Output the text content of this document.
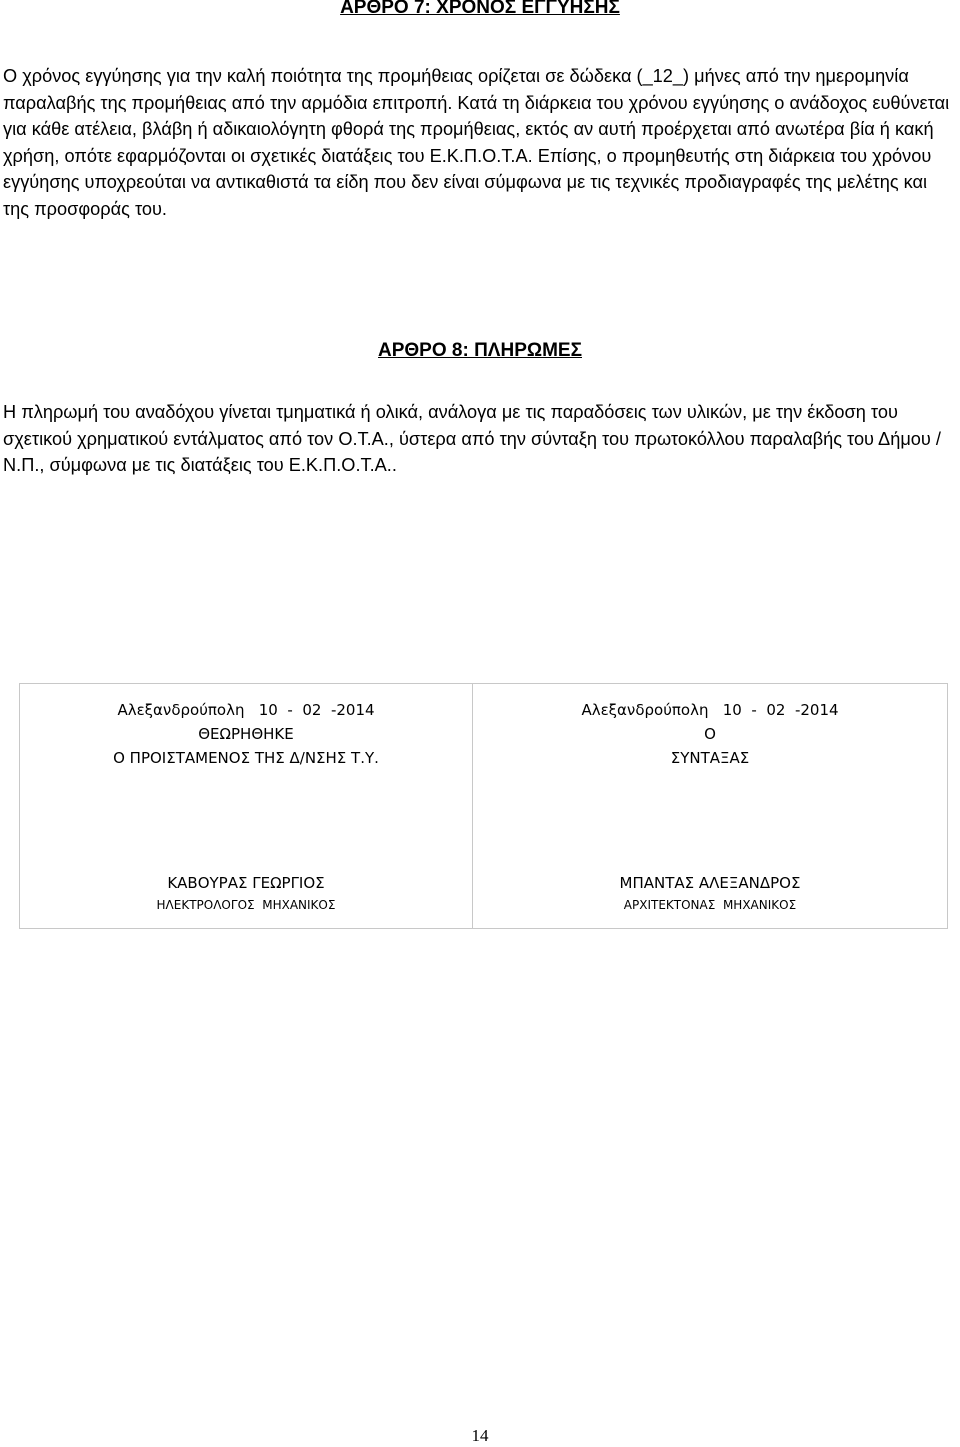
ΑΡΘΡΟ 7: ΧΡΟΝΟΣ ΕΓΓΥΗΣΗΣ

Ο χρόνος εγγύησης για την καλή ποιότητα της προμήθειας ορίζεται σε δώδεκα (_12_) μήνες από την ημερομηνία παραλαβής της προμήθειας από την αρμόδια επιτροπή. Κατά τη διάρκεια του χρόνου εγγύησης ο ανάδοχος ευθύνεται για κάθε ατέλεια, βλάβη ή αδικαιολόγητη φθορά της προμήθειας, εκτός αν αυτή προέρχεται από ανωτέρα βία ή κακή χρήση, οπότε εφαρμόζονται οι σχετικές διατάξεις του Ε.Κ.Π.Ο.Τ.Α. Επίσης, ο προμηθευτής στη διάρκεια του χρόνου εγγύησης υποχρεούται να αντικαθιστά τα είδη που δεν είναι σύμφωνα με τις τεχνικές προδιαγραφές της μελέτης και της προσφοράς του.

ΑΡΘΡΟ 8: ΠΛΗΡΩΜΕΣ

Η πληρωμή του αναδόχου γίνεται τμηματικά ή ολικά, ανάλογα με τις παραδόσεις των υλικών, με την έκδοση του σχετικού χρηματικού εντάλματος από τον Ο.Τ.Α., ύστερα από την σύνταξη του πρωτοκόλλου παραλαβής του Δήμου / Ν.Π., σύμφωνα με τις διατάξεις του Ε.Κ.Π.Ο.Τ.Α..

Αλεξανδρούπολη   10  -  02  -2014
ΘΕΩΡΗΘΗΚΕ
Ο ΠΡΟΙΣΤΑΜΕΝΟΣ ΤΗΣ Δ/ΝΣΗΣ Τ.Υ.
ΚΑΒΟΥΡΑΣ ΓΕΩΡΓΙΟΣ
ΗΛΕΚΤΡΟΛΟΓΟΣ  ΜΗΧΑΝΙΚΟΣ
Αλεξανδρούπολη   10  -  02  -2014
Ο
ΣΥΝΤΑΞΑΣ
ΜΠΑΝΤΑΣ ΑΛΕΞΑΝΔΡΟΣ
ΑΡΧΙΤΕΚΤΟΝΑΣ  ΜΗΧΑΝΙΚΟΣ
14
